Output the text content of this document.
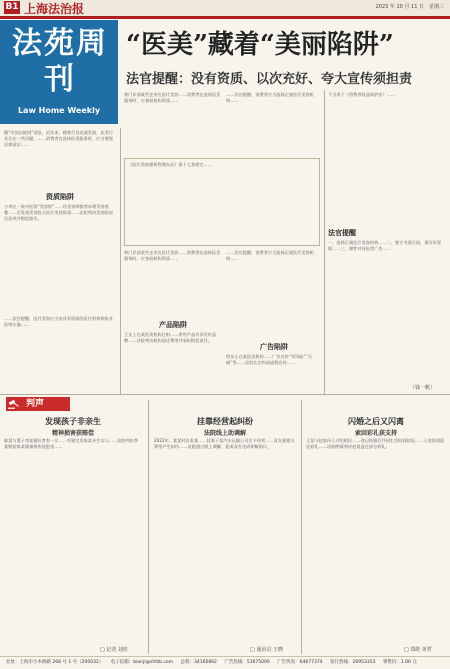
B1 上海法治报	2023 年 10 月 11 日　星期三
法苑周刊
Law Home Weekly
“医美”藏着“美丽陷阱”
法官提醒：没有资质、以次充好、夸大宣传须担责
随“中国法院网”消息，近年来，随着行业迅速发展，医美行业存在一些问题，……消费者在选择医美服务时，应当增强法律意识……
资质陷阱
小李在一家中医馆“美容院”……经美容师推荐办理美容套餐……后发现美容院无医疗美容资质……法院判决美容院退还款项并赔偿损失。
……法官提醒，医疗美容应当由具有资质的医疗机构和执业医师实施……
黄门诊部某些企业在医疗美容……消费者在选择医美服务时，应查看机构资质……
《医疗美容服务管理办法》第十七条规定……
产品陷阱
黄门诊部某些企业在医疗美容……消费者在选择医美服务时，应查看机构资质……
王女士在某医美机构注射……所用产品并非宣传品牌……法院判决机构退还费用并承担赔偿责任。
……法官提醒，消费者应当选择正规医疗美容机构……
……法官提醒，消费者应当选择正规医疗美容机构……
广告陷阱
徐女士在某医美机构……广告宣传“零风险”“无痛”等……法院认定构成虚假宣传……
不当用于《消费者权益保护法》……
法官提醒
一、选择正规医疗美容机构……二、签订书面合同，保存好票据……三、理性对待医美广告……
（钱一帆）
判声
发现孩子非亲生
精神损害获赔偿
陈某与妻子李某婚后育有一女……经鉴定非陈某亲生女儿……法院判决李某赔偿陈某精神损害抚慰金……
□ 记者 刘佳
挂靠经营起纠纷
法院线上助调解
2022年，某某村民张某……挂靠于某汽车运输公司名下经营……双方就相关费用产生纠纷……法院通过线上调解，促成双方达成和解协议。
□ 通讯员 王晓
闪婚之后又闪离
索回彩礼获支持
王某与赵某经人介绍相识……登记结婚后共同生活时间较短……王某诉请返还彩礼……法院酌情判决赵某返还部分彩礼。
□ 郑皓 英哲
社址：上海市小木桥路 268 号 1 号（200032） 电子信箱：bianji@shfzb.com 总机：34160892 广告热线：53675000 广告传真：64677374 发行热线：26953353 零售价：1.00 元
